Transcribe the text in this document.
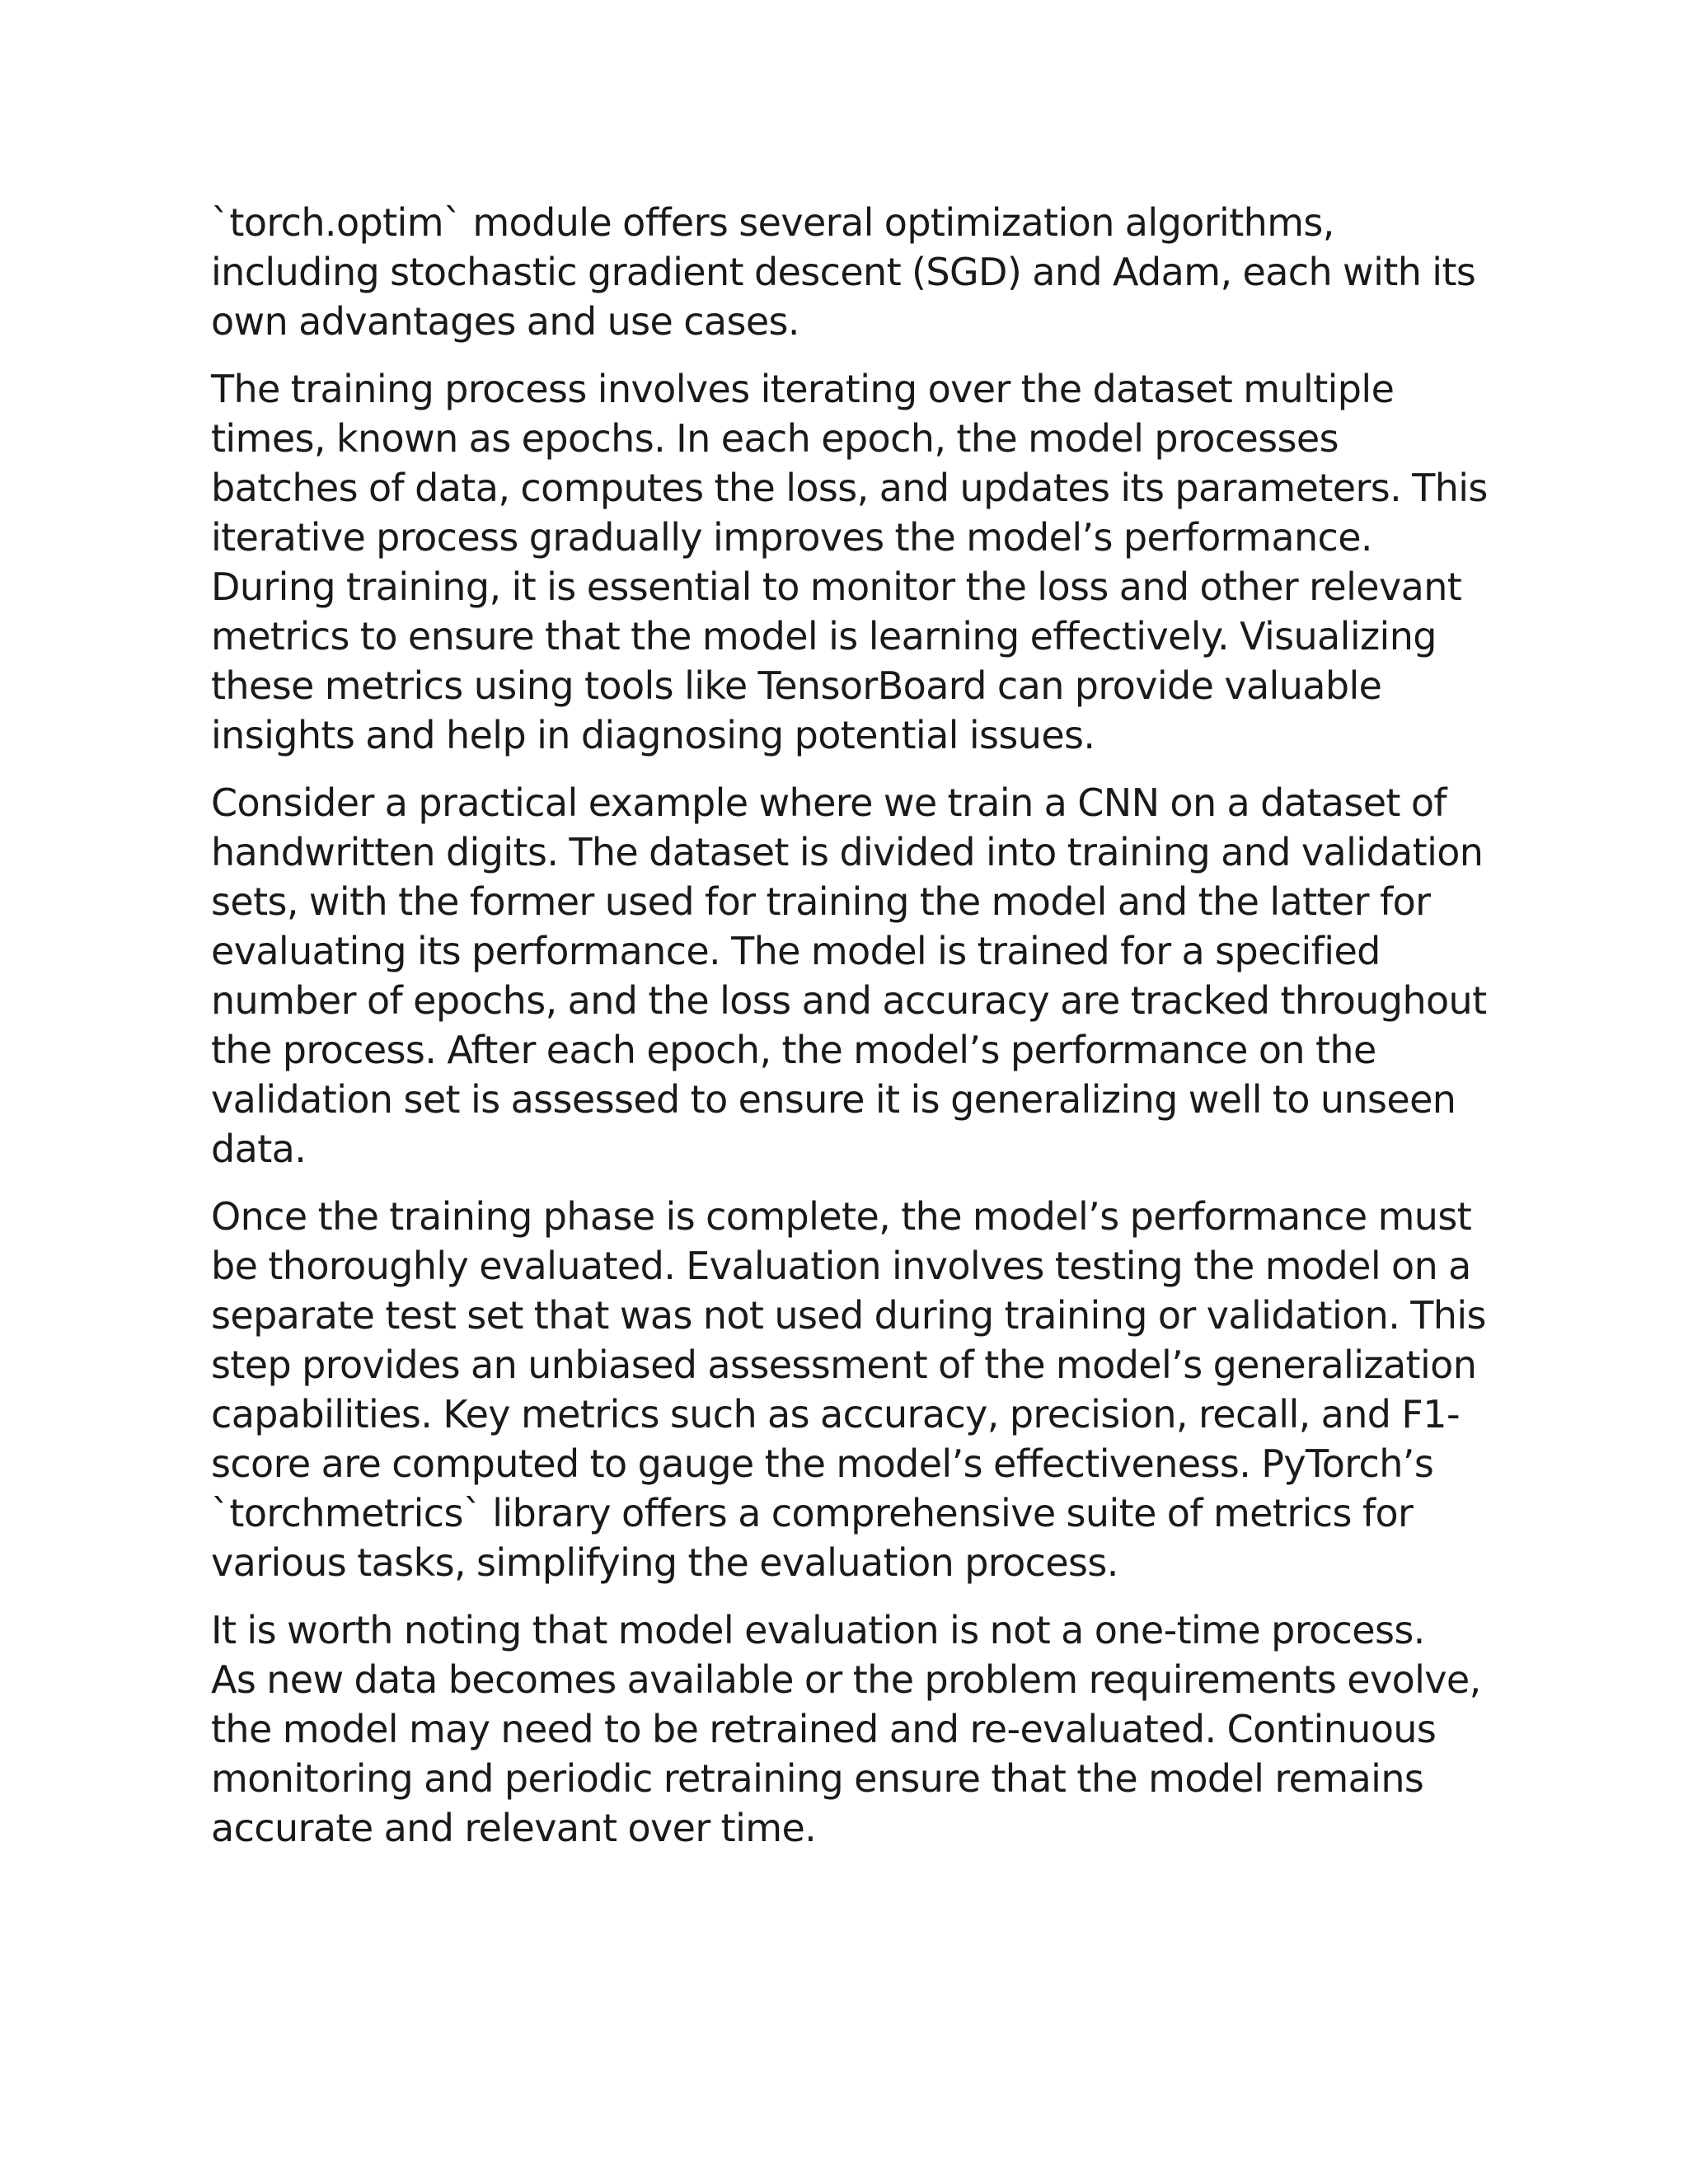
`torch.optim` module offers several optimization algorithms,
including stochastic gradient descent (SGD) and Adam, each with its
own advantages and use cases.

The training process involves iterating over the dataset multiple
times, known as epochs. In each epoch, the model processes
batches of data, computes the loss, and updates its parameters. This
iterative process gradually improves the model’s performance.
During training, it is essential to monitor the loss and other relevant
metrics to ensure that the model is learning effectively. Visualizing
these metrics using tools like TensorBoard can provide valuable
insights and help in diagnosing potential issues.

Consider a practical example where we train a CNN on a dataset of
handwritten digits. The dataset is divided into training and validation
sets, with the former used for training the model and the latter for
evaluating its performance. The model is trained for a specified
number of epochs, and the loss and accuracy are tracked throughout
the process. After each epoch, the model’s performance on the
validation set is assessed to ensure it is generalizing well to unseen
data.

Once the training phase is complete, the model’s performance must
be thoroughly evaluated. Evaluation involves testing the model on a
separate test set that was not used during training or validation. This
step provides an unbiased assessment of the model’s generalization
capabilities. Key metrics such as accuracy, precision, recall, and F1-
score are computed to gauge the model’s effectiveness. PyTorch’s
`torchmetrics` library offers a comprehensive suite of metrics for
various tasks, simplifying the evaluation process.

It is worth noting that model evaluation is not a one-time process.
As new data becomes available or the problem requirements evolve,
the model may need to be retrained and re-evaluated. Continuous
monitoring and periodic retraining ensure that the model remains
accurate and relevant over time.
